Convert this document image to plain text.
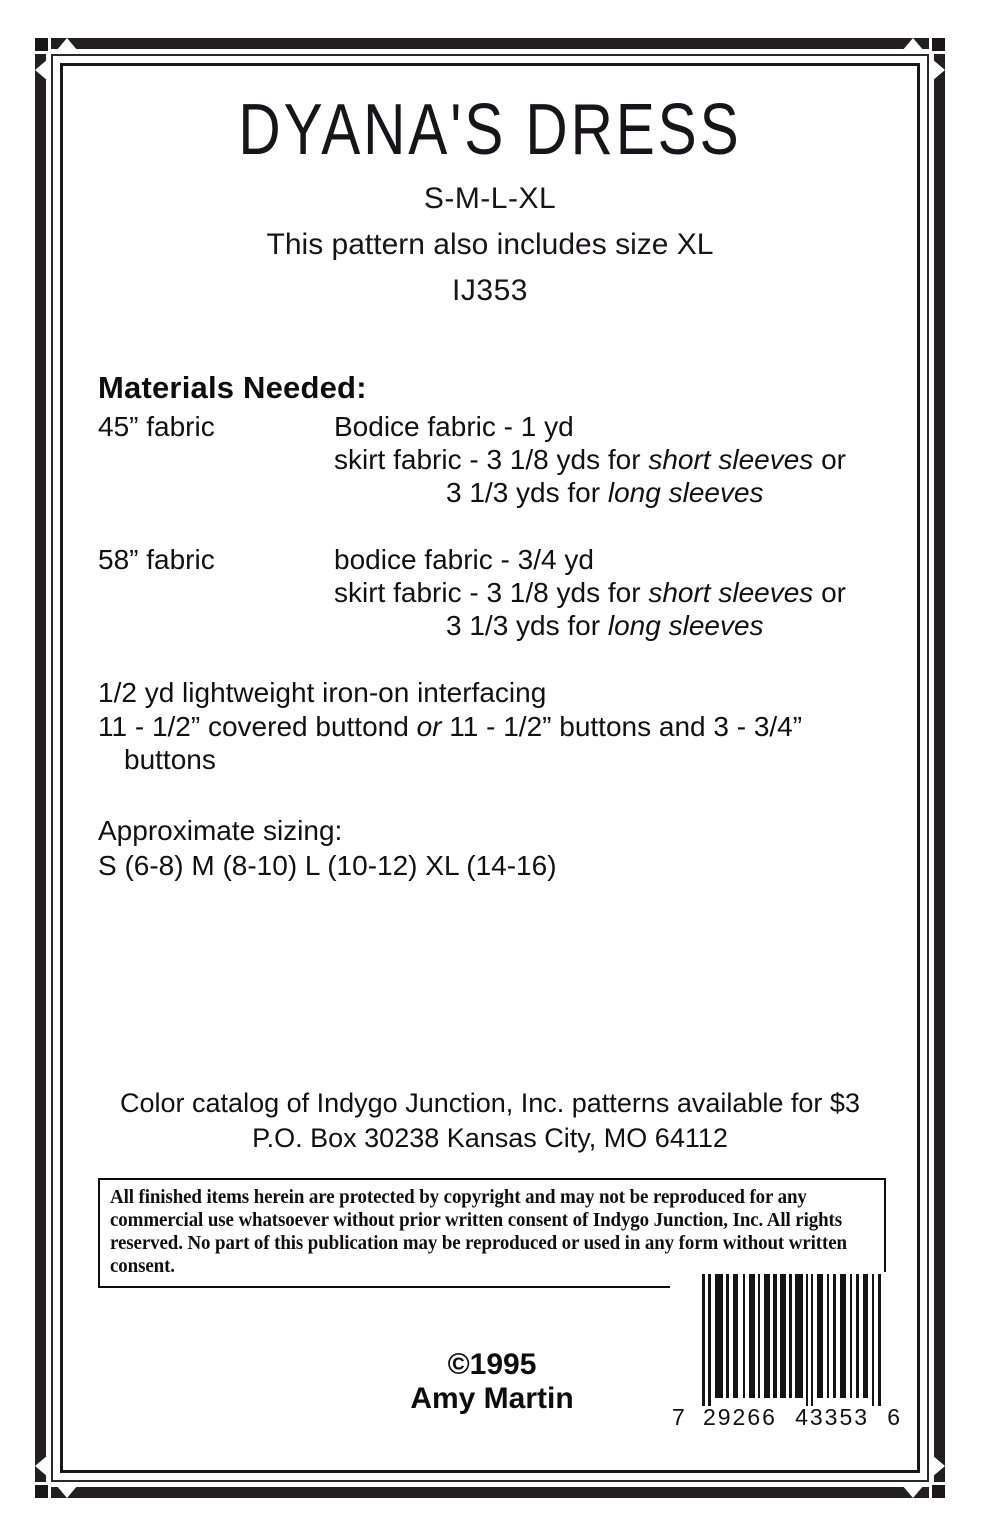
DYANA'S DRESS
S-M-L-XL
This pattern also includes size XL
IJ353
Materials Needed:
45” fabric	Bodice fabric - 1 yd
skirt fabric - 3 1/8 yds for short sleeves or
3 1/3 yds for long sleeves
58” fabric	bodice fabric - 3/4 yd
skirt fabric - 3 1/8 yds for short sleeves or
3 1/3 yds for long sleeves
1/2 yd lightweight iron-on interfacing
11 - 1/2” covered buttond or 11 - 1/2” buttons and 3 - 3/4”
buttons
Approximate sizing:
S (6-8) M (8-10) L (10-12) XL (14-16)
Color catalog of Indygo Junction, Inc. patterns available for $3
P.O. Box 30238 Kansas City, MO 64112

All finished items herein are protected by copyright and may not be reproduced for any commercial use whatsoever without prior written consent of Indygo Junction, Inc. All rights reserved. No part of this publication may be reproduced or used in any form without written consent.

©1995
Amy Martin
7 29266 43353 6
